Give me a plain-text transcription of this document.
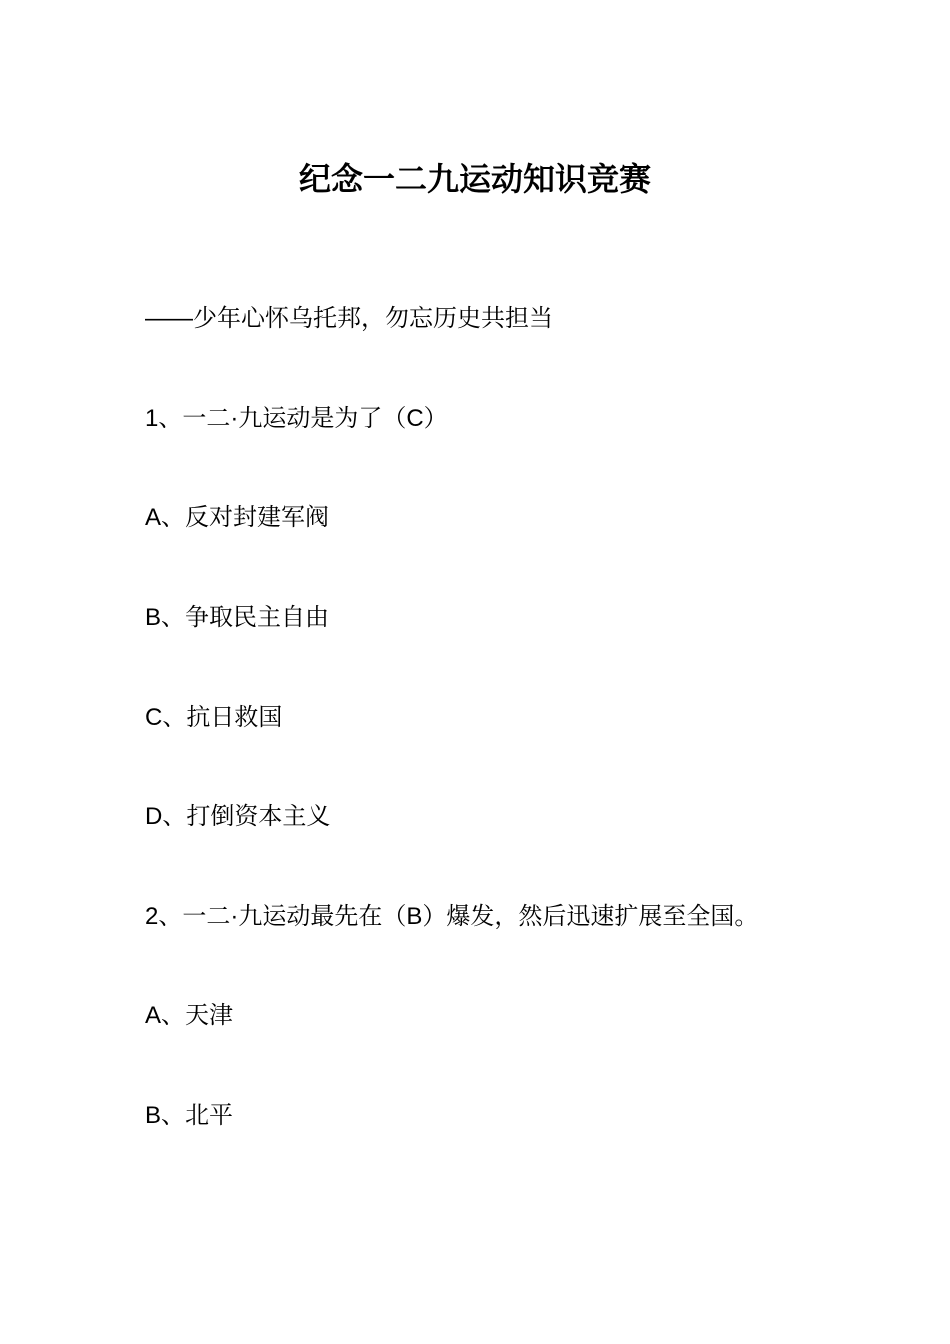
纪念一二九运动知识竞赛
——少年心怀乌托邦，勿忘历史共担当
1、一二·九运动是为了（C）
A、反对封建军阀
B、争取民主自由
C、抗日救国
D、打倒资本主义
2、一二·九运动最先在（B）爆发，然后迅速扩展至全国。
A、天津
B、北平
